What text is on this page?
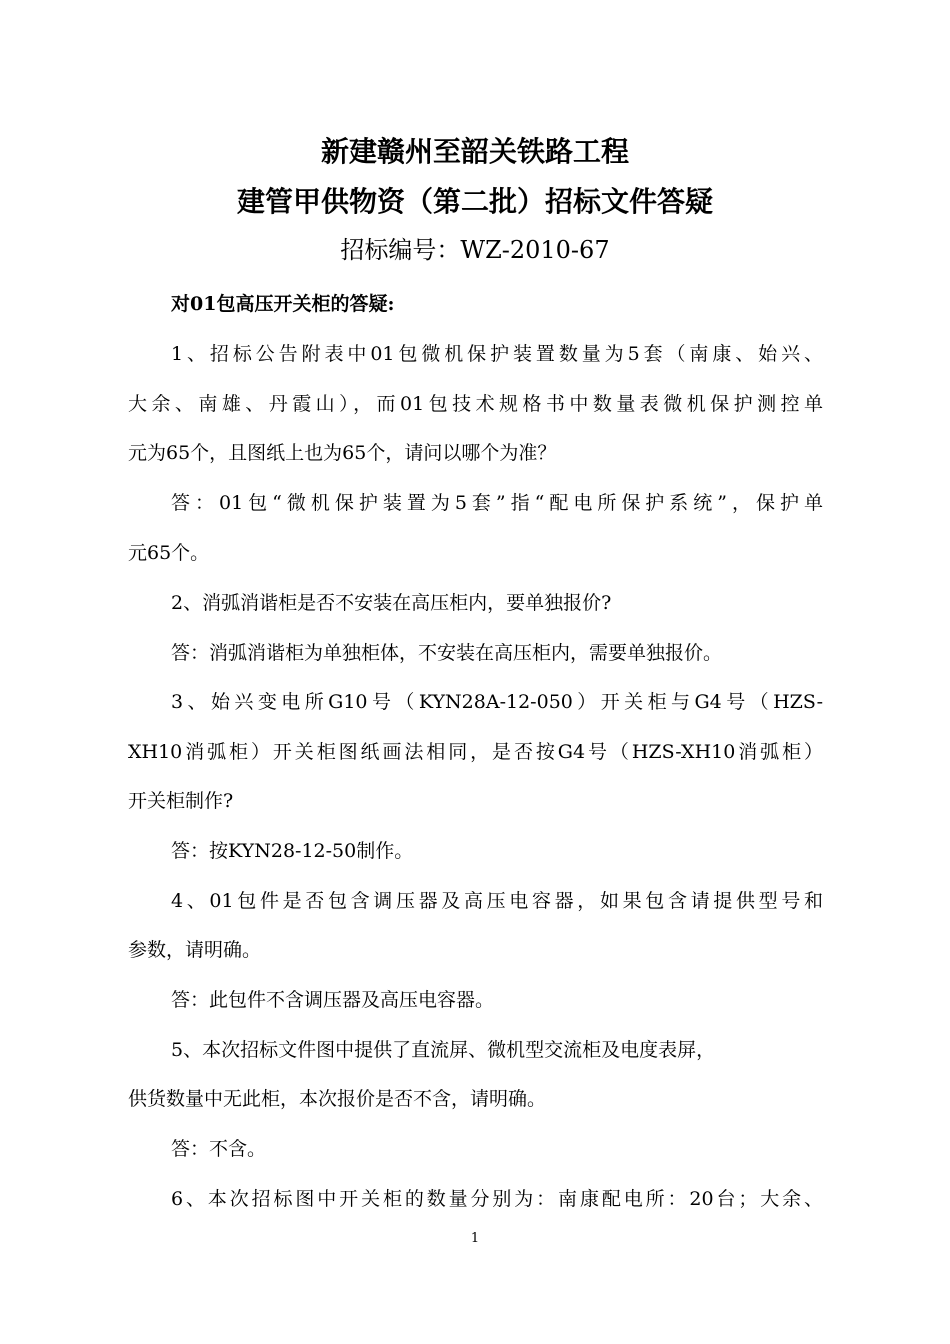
新建赣州至韶关铁路工程
建管甲供物资（第二批）招标文件答疑
招标编号：WZ-2010-67
对01包高压开关柜的答疑:
1、招标公告附表中01包微机保护装置数量为5套（南康、始兴、
大余、南雄、丹霞山），而01包技术规格书中数量表微机保护测控单
元为65个，且图纸上也为65个，请问以哪个为准？
答：01包“微机保护装置为5套”指“配电所保护系统”，保护单
元65个。
2、消弧消谐柜是否不安装在高压柜内，要单独报价?
答：消弧消谐柜为单独柜体，不安装在高压柜内，需要单独报价。
3、始兴变电所G10号（KYN28A-12-050）开关柜与G4号（HZS-
XH10消弧柜）开关柜图纸画法相同，是否按G4号（HZS-XH10消弧柜）
开关柜制作?
答：按KYN28-12-50制作。
4、01包件是否包含调压器及高压电容器，如果包含请提供型号和
参数，请明确。
答：此包件不含调压器及高压电容器。
5、本次招标文件图中提供了直流屏、微机型交流柜及电度表屏，
供货数量中无此柜，本次报价是否不含，请明确。
答：不含。
6、本次招标图中开关柜的数量分别为：南康配电所：20台；大余、
1
